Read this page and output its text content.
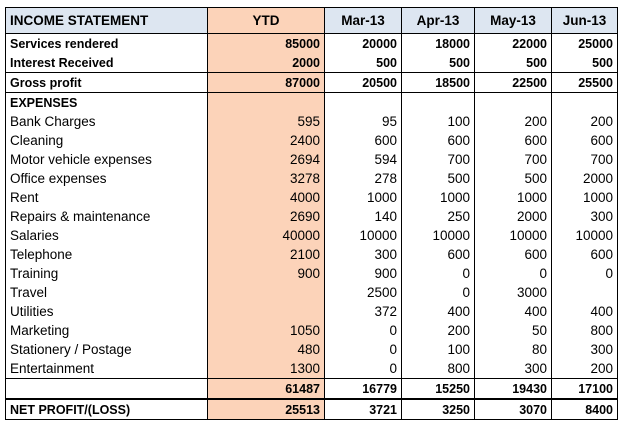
INCOME STATEMENT	YTD	Mar-13	Apr-13	May-13	Jun-13
Services rendered	85000	20000	18000	22000	25000
Interest Received	2000	500	500	500	500
Gross profit	87000	20500	18500	22500	25500
EXPENSES					
Bank Charges	595	95	100	200	200
Cleaning	2400	600	600	600	600
Motor vehicle expenses	2694	594	700	700	700
Office expenses	3278	278	500	500	2000
Rent	4000	1000	1000	1000	1000
Repairs & maintenance	2690	140	250	2000	300
Salaries	40000	10000	10000	10000	10000
Telephone	2100	300	600	600	600
Training	900	900	0	0	0
Travel		2500	0	3000	
Utilities		372	400	400	400
Marketing	1050	0	200	50	800
Stationery / Postage	480	0	100	80	300
Entertainment	1300	0	800	300	200
	61487	16779	15250	19430	17100
NET PROFIT/(LOSS)	25513	3721	3250	3070	8400
